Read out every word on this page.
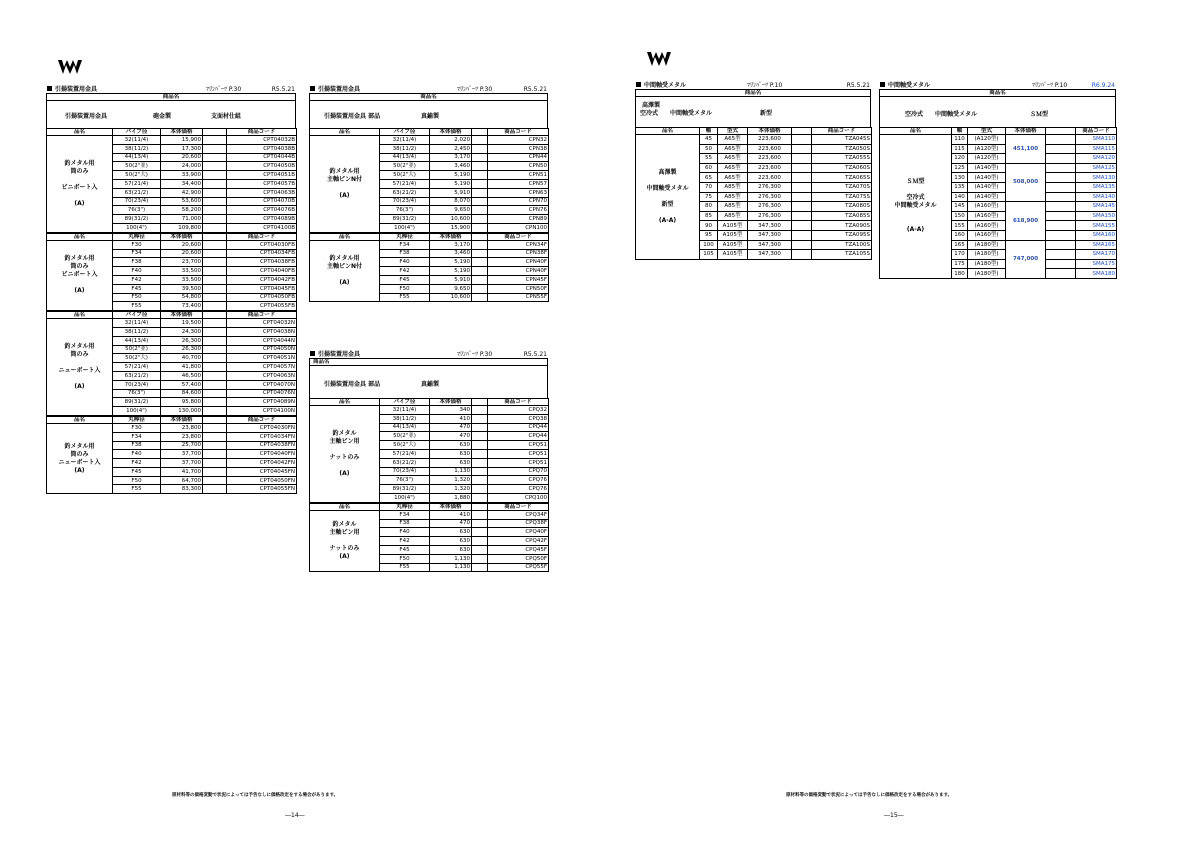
引揚装置用金具	ﾏﾘﾝﾊﾟｰﾂ P.30	R5.5.21
商品名
引揚装置用金具	砲金製	支面材仕組
品名	パイプ径	本体価格		商品コード
釣メタル用
筒のみ

ビニボート入

(A)	32(11/4)	15,900		CPT04032B
	38(11/2)	17,300		CPT04038B
	44(13/4)	20,600		CPT04044B
	50(2"並)	24,000		CPT04050B
	50(2"大)	33,900		CPT04051B
	57(21/4)	34,400		CPT04057B
	63(21/2)	42,900		CPT04063B
	70(23/4)	53,600		CPT04070B
	76(3")	58,200		CPT04076B
	89(31/2)	71,000		CPT04089B
	100(4")	109,800		CPT04100B
品名	丸棒径	本体価格		商品コード
釣メタル用
筒のみ
ビニボート入

(A)	F30	20,600		CPT04030FB
	F34	20,600		CPT04034FB
	F38	23,700		CPT04038FB
	F40	33,500		CPT04040FB
	F42	33,500		CPT04042FB
	F45	39,500		CPT04045FB
	F50	54,800		CPT04050FB
	F55	73,400		CPT04055FB
品名	パイプ径	本体価格		商品コード
釣メタル用
筒のみ

ニューボート入

(A)	32(11/4)	19,500		CPT04032N
	38(11/2)	24,300		CPT04038N
	44(13/4)	26,300		CPT04044N
	50(2"並)	26,300		CPT04050N
	50(2"大)	40,700		CPT04051N
	57(21/4)	41,800		CPT04057N
	63(21/2)	46,500		CPT04063N
	70(23/4)	57,400		CPT04070N
	76(3")	84,600		CPT04076N
	89(31/2)	95,800		CPT04089N
	100(4")	130,000		CPT04100N
品名	丸棒径	本体価格		商品コード
釣メタル用
筒のみ
ニューボート入
(A)	F30	23,800		CPT04030FN
	F34	23,800		CPT04034FN
	F38	25,700		CPT04038FN
	F40	37,700		CPT04040FN
	F42	37,700		CPT04042FN
	F45	41,700		CPT04045FN
	F50	64,700		CPT04050FN
	F55	83,300		CPT04055FN
引揚装置用金具	ﾏﾘﾝﾊﾟｰﾂ P.30	R5.5.21
商品名
引揚装置用金具 部品	真鍮製
品名	パイプ径	本体価格		商品コード
釣メタル用
主軸ピンN付

(A)	32(11/4)	2,020		CPN32
	38(11/2)	2,450		CPN38
	44(13/4)	3,170		CPN44
	50(2"並)	3,460		CPN50
	50(2"大)	5,190		CPN51
	57(21/4)	5,190		CPN57
	63(21/2)	5,910		CPN63
	70(23/4)	8,070		CPN70
	76(3")	9,650		CPN76
	89(31/2)	10,600		CPN89
	100(4")	15,900		CPN100
品名	丸棒径	本体価格		商品コード
釣メタル用
主軸ピンN付

(A)	F34	3,170		CPN34F
	F38	3,460		CPN38F
	F40	5,190		CPN40F
	F42	5,190		CPN40F
	F45	5,910		CPN45F
	F50	9,650		CPN50F
	F55	10,600		CPN55F
引揚装置用金具	ﾏﾘﾝﾊﾟｰﾂ P.30	R5.5.21
商品名
引揚装置用金具 部品	真鍮製
品名	パイプ径	本体価格		商品コード
釣メタル
主軸ピン用

ナットのみ

(A)	32(11/4)	340		CPQ32
	38(11/2)	410		CPQ38
	44(13/4)	470		CPQ44
	50(2"並)	470		CPQ44
	50(2"大)	630		CPQ51
	57(21/4)	630		CPQ51
	63(21/2)	630		CPQ51
	70(23/4)	1,130		CPQ70
	76(3")	1,320		CPQ76
	89(31/2)	1,320		CPQ76
	100(4")	1,880		CPQ100
品名	丸棒径	本体価格		商品コード
釣メタル
主軸ピン用

ナットのみ
(A)	F34	410		CPQ34F
	F38	470		CPQ38F
	F40	630		CPQ40F
	F42	630		CPQ42F
	F45	630		CPQ45F
	F50	1,130		CPQ50F
	F55	1,130		CPQ55F
原材料等の価格変動で状況によっては予告なしに価格改定をする場合があります。
―14―
中間軸受メタル	ﾏﾘﾝﾊﾟｰﾂ P.10	R5.5.21
商品名
高澤製
空冷式 中間軸受メタル	新型
品名	軸	型式	本体価格		商品コード
高澤製

中間軸受メタル

新型

(A-A)	45	A65型	223,600		TZA045S
	50	A65型	223,600		TZA050S
	55	A65型	223,600		TZA055S
	60	A65型	223,600		TZA060S
	65	A65型	223,600		TZA065S
	70	A85型	276,300		TZA070S
	75	A85型	276,300		TZA075S
	80	A85型	276,300		TZA080S
	85	A85型	276,300		TZA085S
	90	A105型	347,300		TZA090S
	95	A105型	347,300		TZA095S
	100	A105型	347,300		TZA100S
	105	A105型	347,300		TZA105S
中間軸受メタル	ﾏﾘﾝﾊﾟｰﾂ P.10	R6.9.24
商品名
空冷式 中間軸受メタル	ＳＭ型
品名	軸	型式	本体価格		商品コード
ＳＭ型

空冷式
中間軸受メタル

(A-A)	110	(A120型)	451,100		SMA110
	115	(A120型)			SMA115
	120	(A120型)			SMA120
	125	(A140型)	508,000		SMA125
	130	(A140型)			SMA130
	135	(A140型)			SMA135
	140	(A140型)			SMA140
	145	(A160型)	618,900		SMA145
	150	(A160型)			SMA150
	155	(A160型)			SMA155
	160	(A160型)			SMA160
	165	(A180型)	747,000		SMA165
	170	(A180型)			SMA170
	175	(A180型)			SMA175
	180	(A180型)			SMA180
原材料等の価格変動で状況によっては予告なしに価格改定をする場合があります。
―15―
